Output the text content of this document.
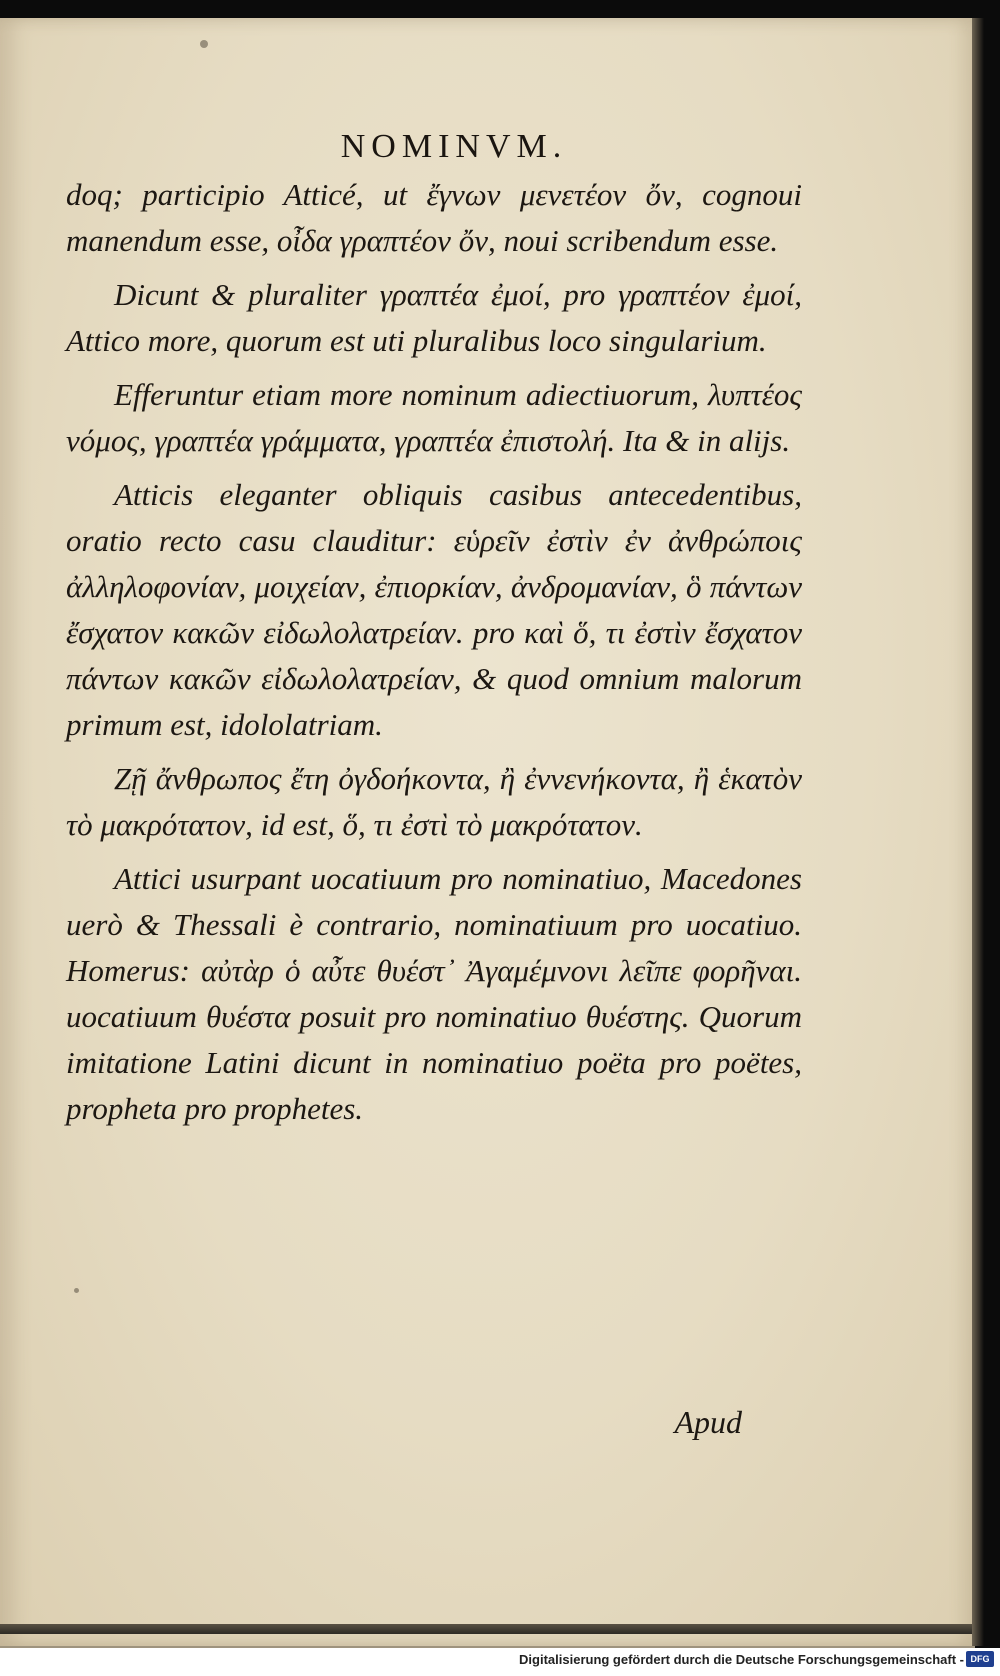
NOMINVM.

doq; participio Atticé, ut ἔγνων μενετέον ὄν, cognoui manendum esse, οἶδα γραπτέον ὄν, noui scribendum esse.

Dicunt & pluraliter γραπτέα ἐμοί, pro γραπτέον ἐμοί, Attico more, quorum est uti pluralibus loco singularium.

Efferuntur etiam more nominum adiectiuorum, λυπτέος νόμος, γραπτέα γράμματα, γραπτέα ἐπιστολή. Ita & in alijs.

Atticis eleganter obliquis casibus antecedentibus, oratio recto casu clauditur: εὑρεῖν ἐστὶν ἐν ἀνθρώποις ἀλληλοφονίαν, μοιχείαν, ἐπιορκίαν, ἀνδρομανίαν, ὃ πάντων ἔσχατον κακῶν εἰδωλολατρείαν. pro καὶ ὅ, τι ἐστὶν ἔσχατον πάντων κακῶν εἰδωλολατρείαν, & quod omnium malorum primum est, idololatriam.

Ζῇ ἄνθρωπος ἔτη ὀγδοήκοντα, ἢ ἐννενήκοντα, ἢ ἑκατὸν τὸ μακρότατον, id est, ὅ, τι ἐστὶ τὸ μακρότατον.

Attici usurpant uocatiuum pro nominatiuo, Macedones uerò & Thessali è contrario, nominatiuum pro uocatiuo. Homerus: αὐτὰρ ὁ αὖτε θυέστ᾽ Ἀγαμέμνονι λεῖπε φορῆναι. uocatiuum θυέστα posuit pro nominatiuo θυέστης. Quorum imitatione Latini dicunt in nominatiuo poëta pro poëtes, propheta pro prophetes.

Apud
Digitalisierung gefördert durch die Deutsche Forschungsgemeinschaft - DFG
